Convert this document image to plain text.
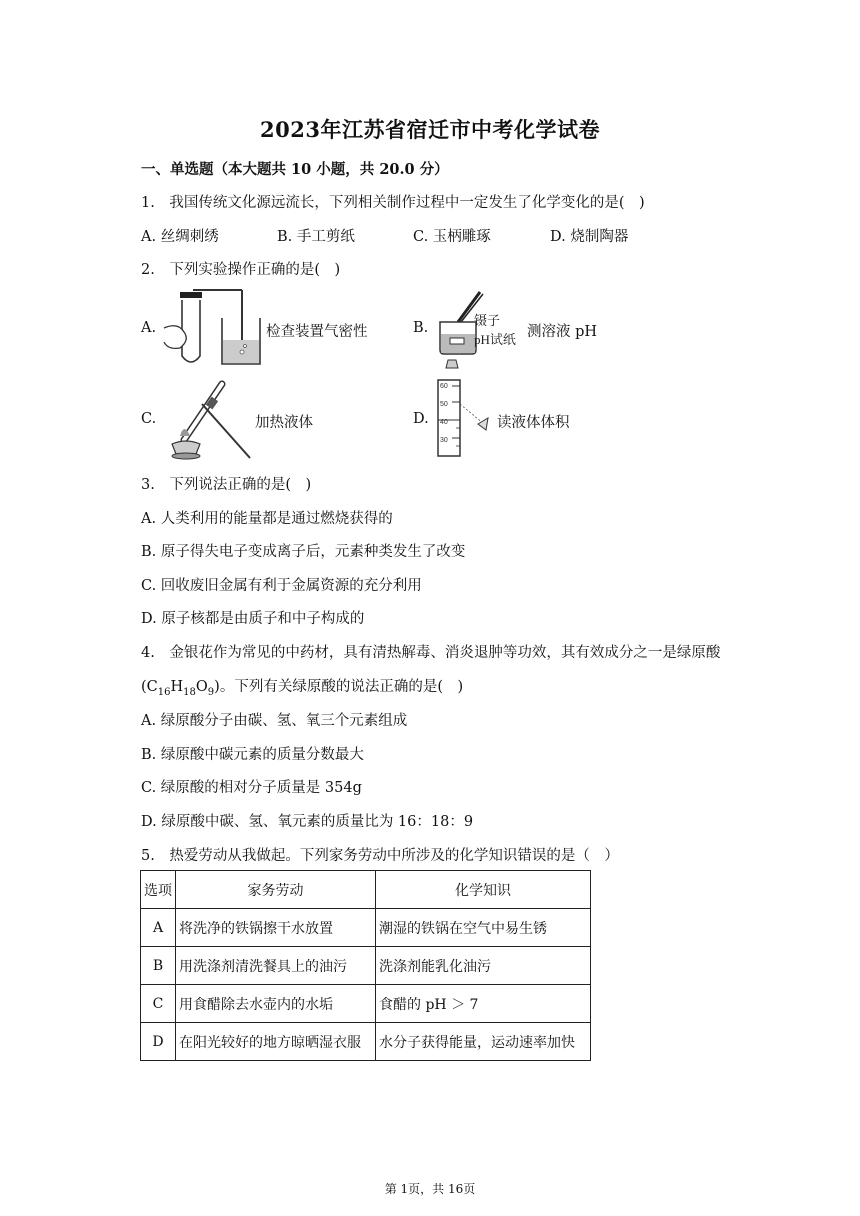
2023年江苏省宿迁市中考化学试卷
一、单选题（本大题共 10 小题，共 20.0 分）
1.　我国传统文化源远流长，下列相关制作过程中一定发生了化学变化的是(　)
A. 丝绸刺绣	B. 手工剪纸	C. 玉柄雕琢	D. 烧制陶器
2.　下列实验操作正确的是(　)
A.	检查装置气密性	B.	镊子
pH试纸 测溶液 pH
C.	加热液体	D.
60
50
40
30
读液体体积
3.　下列说法正确的是(　)
A. 人类利用的能量都是通过燃烧获得的
B. 原子得失电子变成离子后，元素种类发生了改变
C. 回收废旧金属有利于金属资源的充分利用
D. 原子核都是由质子和中子构成的
4.　金银花作为常见的中药材，具有清热解毒、消炎退肿等功效，其有效成分之一是绿原酸
$(C_{16}H_{18}O_9)$。下列有关绿原酸的说法正确的是(　)
A. 绿原酸分子由碳、氢、氧三个元素组成
B. 绿原酸中碳元素的质量分数最大
C. 绿原酸的相对分子质量是 354g
D. 绿原酸中碳、氢、氧元素的质量比为 16：18：9
5.　热爱劳动从我做起。下列家务劳动中所涉及的化学知识错误的是（　）
选项	家务劳动	化学知识
A	将洗净的铁锅擦干水放置	潮湿的铁锅在空气中易生锈
B	用洗涤剂清洗餐具上的油污	洗涤剂能乳化油污
C	用食醋除去水壶内的水垢	食醋的 pH ＞ 7
D	在阳光较好的地方晾晒湿衣服	水分子获得能量，运动速率加快
第 1页，共 16页
